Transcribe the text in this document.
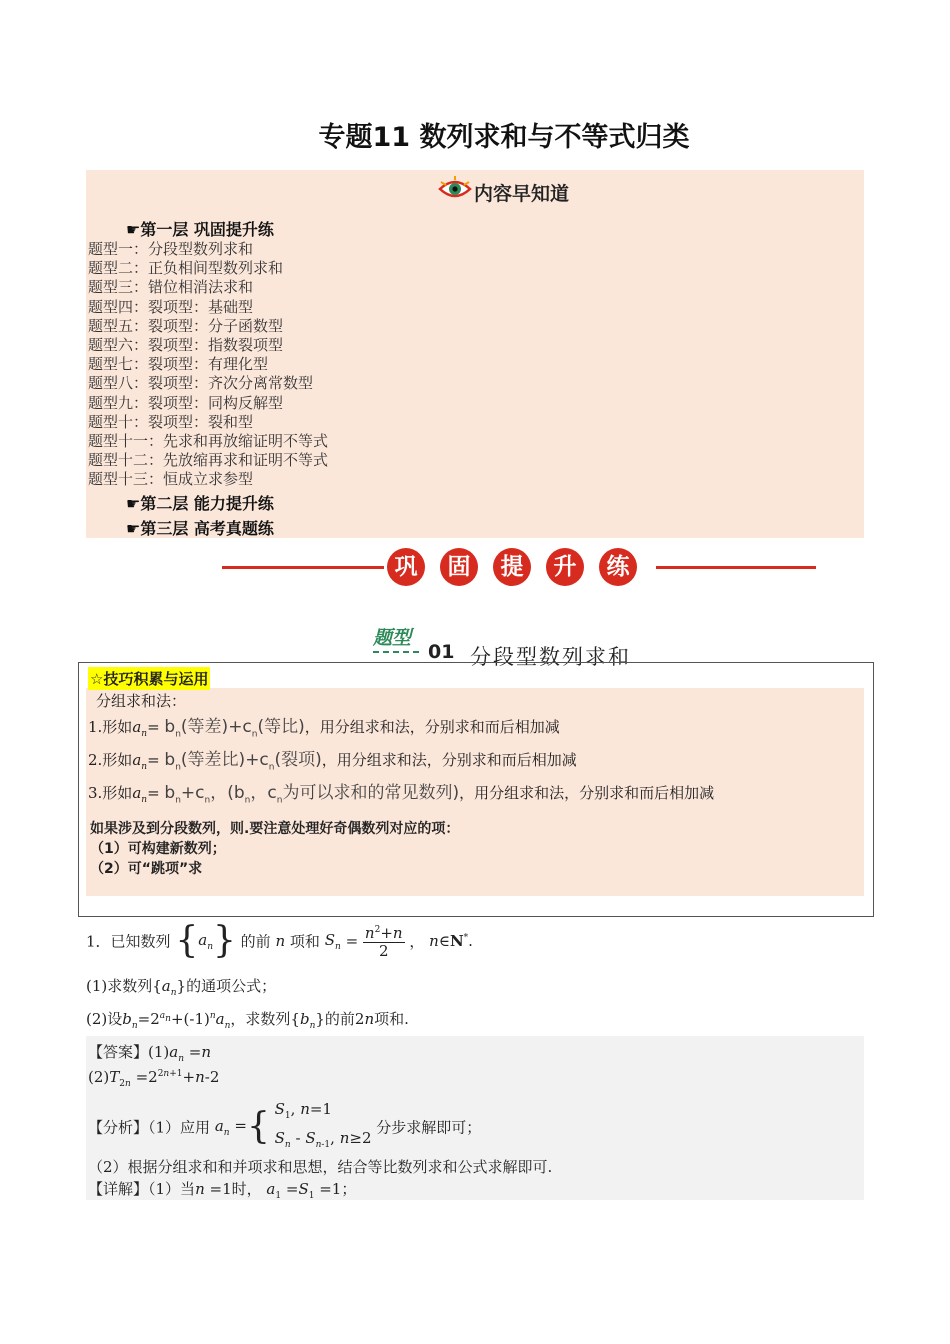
专题11 数列求和与不等式归类
内容早知道
☛第一层 巩固提升练
题型一：分段型数列求和
题型二：正负相间型数列求和
题型三：错位相消法求和
题型四：裂项型：基础型
题型五：裂项型：分子函数型
题型六：裂项型：指数裂项型
题型七：裂项型：有理化型
题型八：裂项型：齐次分离常数型
题型九：裂项型：同构反解型
题型十：裂项型：裂和型
题型十一：先求和再放缩证明不等式
题型十二：先放缩再求和证明不等式
题型十三：恒成立求参型
☛第二层 能力提升练
☛第三层 高考真题练
巩	固	提	升	练
题型
01 分段型数列求和
☆技巧积累与运用
分组求和法：
1.形如$a_n= b_n$(等差)$+c_n$(等比)，用分组求和法，分别求和而后相加减
2.形如$a_n= b_n$(等差比)$+c_n$(裂项)，用分组求和法，分别求和而后相加减
3.形如$a_n= b_n+c_n$，($b_n$，$c_n$为可以求和的常见数列)，用分组求和法，分别求和而后相加减
如果涉及到分段数列，则.要注意处理好奇偶数列对应的项：
（1）可构建新数列；
（2）可“跳项”求
1．已知数列 $\{a_n\}$ 的前 n 项和 $S_n = \frac{n^2+n}{2}$ ， n∈N*.
(1)求数列$\{a_n\}$的通项公式；
(2)设$b_n=2^{a_n}+(-1)^na_n$，求数列$\{b_n\}$的前2n项和.
【答案】$(1)a_n =n$
$(2)T_{2n} =2^{2n+1}+n-2$
【分析】（1）应用 $a_n$ ={ $S_1$, n=1
$S_n - S_{n-1}$, n≥2
分步求解即可；
（2）根据分组求和和并项求和思想，结合等比数列求和公式求解即可.
【详解】（1）当n =1时， $a_1 =S_1 =1$；
